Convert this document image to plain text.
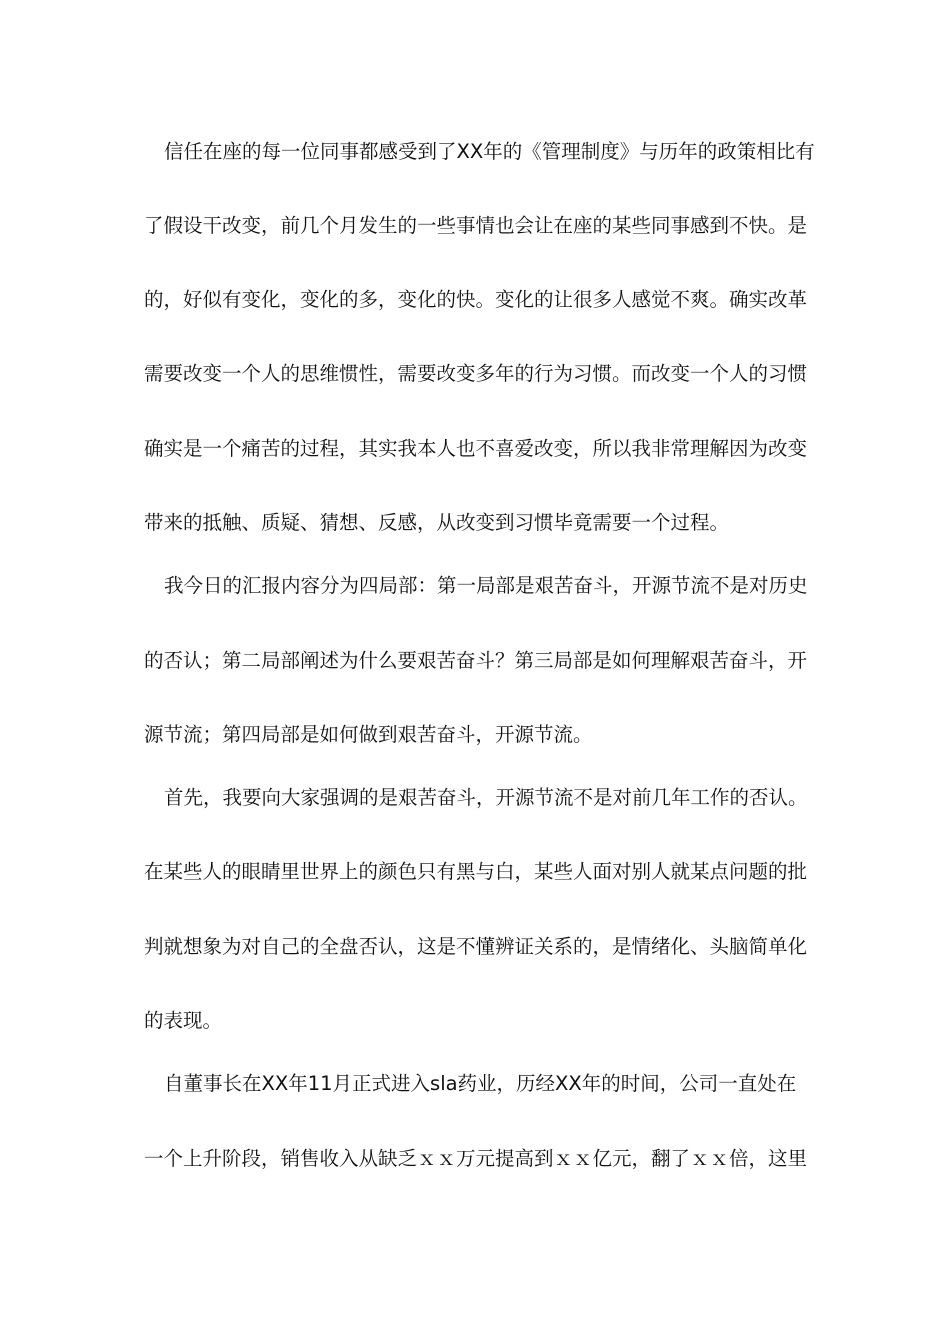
信任在座的每一位同事都感受到了XX年的《管理制度》与历年的政策相比有
了假设干改变，前几个月发生的一些事情也会让在座的某些同事感到不快。是
的，好似有变化，变化的多，变化的快。变化的让很多人感觉不爽。确实改革
需要改变一个人的思维惯性，需要改变多年的行为习惯。而改变一个人的习惯
确实是一个痛苦的过程，其实我本人也不喜爱改变，所以我非常理解因为改变
带来的抵触、质疑、猜想、反感，从改变到习惯毕竟需要一个过程。
我今日的汇报内容分为四局部：第一局部是艰苦奋斗，开源节流不是对历史
的否认；第二局部阐述为什么要艰苦奋斗？第三局部是如何理解艰苦奋斗，开
源节流；第四局部是如何做到艰苦奋斗，开源节流。
首先，我要向大家强调的是艰苦奋斗，开源节流不是对前几年工作的否认。
在某些人的眼睛里世界上的颜色只有黑与白，某些人面对别人就某点问题的批
判就想象为对自己的全盘否认，这是不懂辨证关系的，是情绪化、头脑简单化
的表现。
自董事长在XX年11月正式进入sla药业，历经XX年的时间，公司一直处在
一个上升阶段，销售收入从缺乏ｘｘ万元提高到ｘｘ亿元，翻了ｘｘ倍，这里
